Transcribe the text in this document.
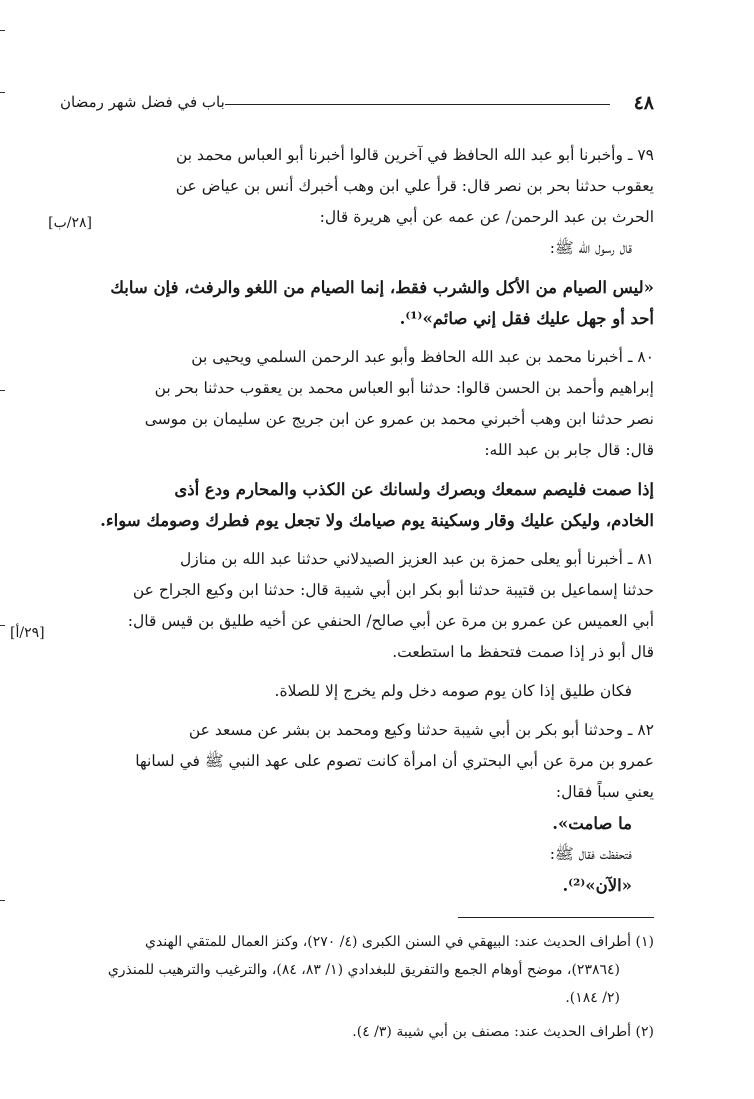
٤٨
باب في فضل شهر رمضان
٧٩ ـ وأخبرنا أبو عبد الله الحافظ في آخرين قالوا أخبرنا أبو العباس محمد بن
يعقوب حدثنا بحر بن نصر قال: قرأ علي ابن وهب أخبرك أنس بن عياض عن
الحرث بن عبد الرحمن/ عن عمه عن أبي هريرة قال:
قال رسول الله ﷺ:
«ليس الصيام من الأكل والشرب فقط، إنما الصيام من اللغو والرفث، فإن سابك
أحد أو جهل عليك فقل إني صائم»⁽¹⁾.
٨٠ ـ أخبرنا محمد بن عبد الله الحافظ وأبو عبد الرحمن السلمي ويحيى بن
إبراهيم وأحمد بن الحسن قالوا: حدثنا أبو العباس محمد بن يعقوب حدثنا بحر بن
نصر حدثنا ابن وهب أخبرني محمد بن عمرو عن ابن جريج عن سليمان بن موسى
قال: قال جابر بن عبد الله:
إذا صمت فليصم سمعك وبصرك ولسانك عن الكذب والمحارم ودع أذى
الخادم، وليكن عليك وقار وسكينة يوم صيامك ولا تجعل يوم فطرك وصومك سواء.
٨١ ـ أخبرنا أبو يعلى حمزة بن عبد العزيز الصيدلاني حدثنا عبد الله بن منازل
حدثنا إسماعيل بن قتيبة حدثنا أبو بكر ابن أبي شيبة قال: حدثنا ابن وكيع الجراح عن
أبي العميس عن عمرو بن مرة عن أبي صالح/ الحنفي عن أخيه طليق بن قيس قال:
قال أبو ذر إذا صمت فتحفظ ما استطعت.
فكان طليق إذا كان يوم صومه دخل ولم يخرج إلا للصلاة.
٨٢ ـ وحدثنا أبو بكر بن أبي شيبة حدثنا وكيع ومحمد بن بشر عن مسعد عن
عمرو بن مرة عن أبي البحتري أن امرأة كانت تصوم على عهد النبي ﷺ في لسانها
يعني سباً فقال:
ما صامت».
فتحفظت فقال ﷺ:
«الآن»⁽²⁾.
[٢٨/ب]
[٢٩/أ]
(١) أطراف الحديث عند: البيهقي في السنن الكبرى (٤/ ٢٧٠)، وكنز العمال للمتقي الهندي
(٢٣٨٦٤)، موضح أوهام الجمع والتفريق للبغدادي (١/ ٨٣، ٨٤)، والترغيب والترهيب للمنذري
(٢/ ١٨٤).
(٢) أطراف الحديث عند: مصنف بن أبي شيبة (٣/ ٤).
